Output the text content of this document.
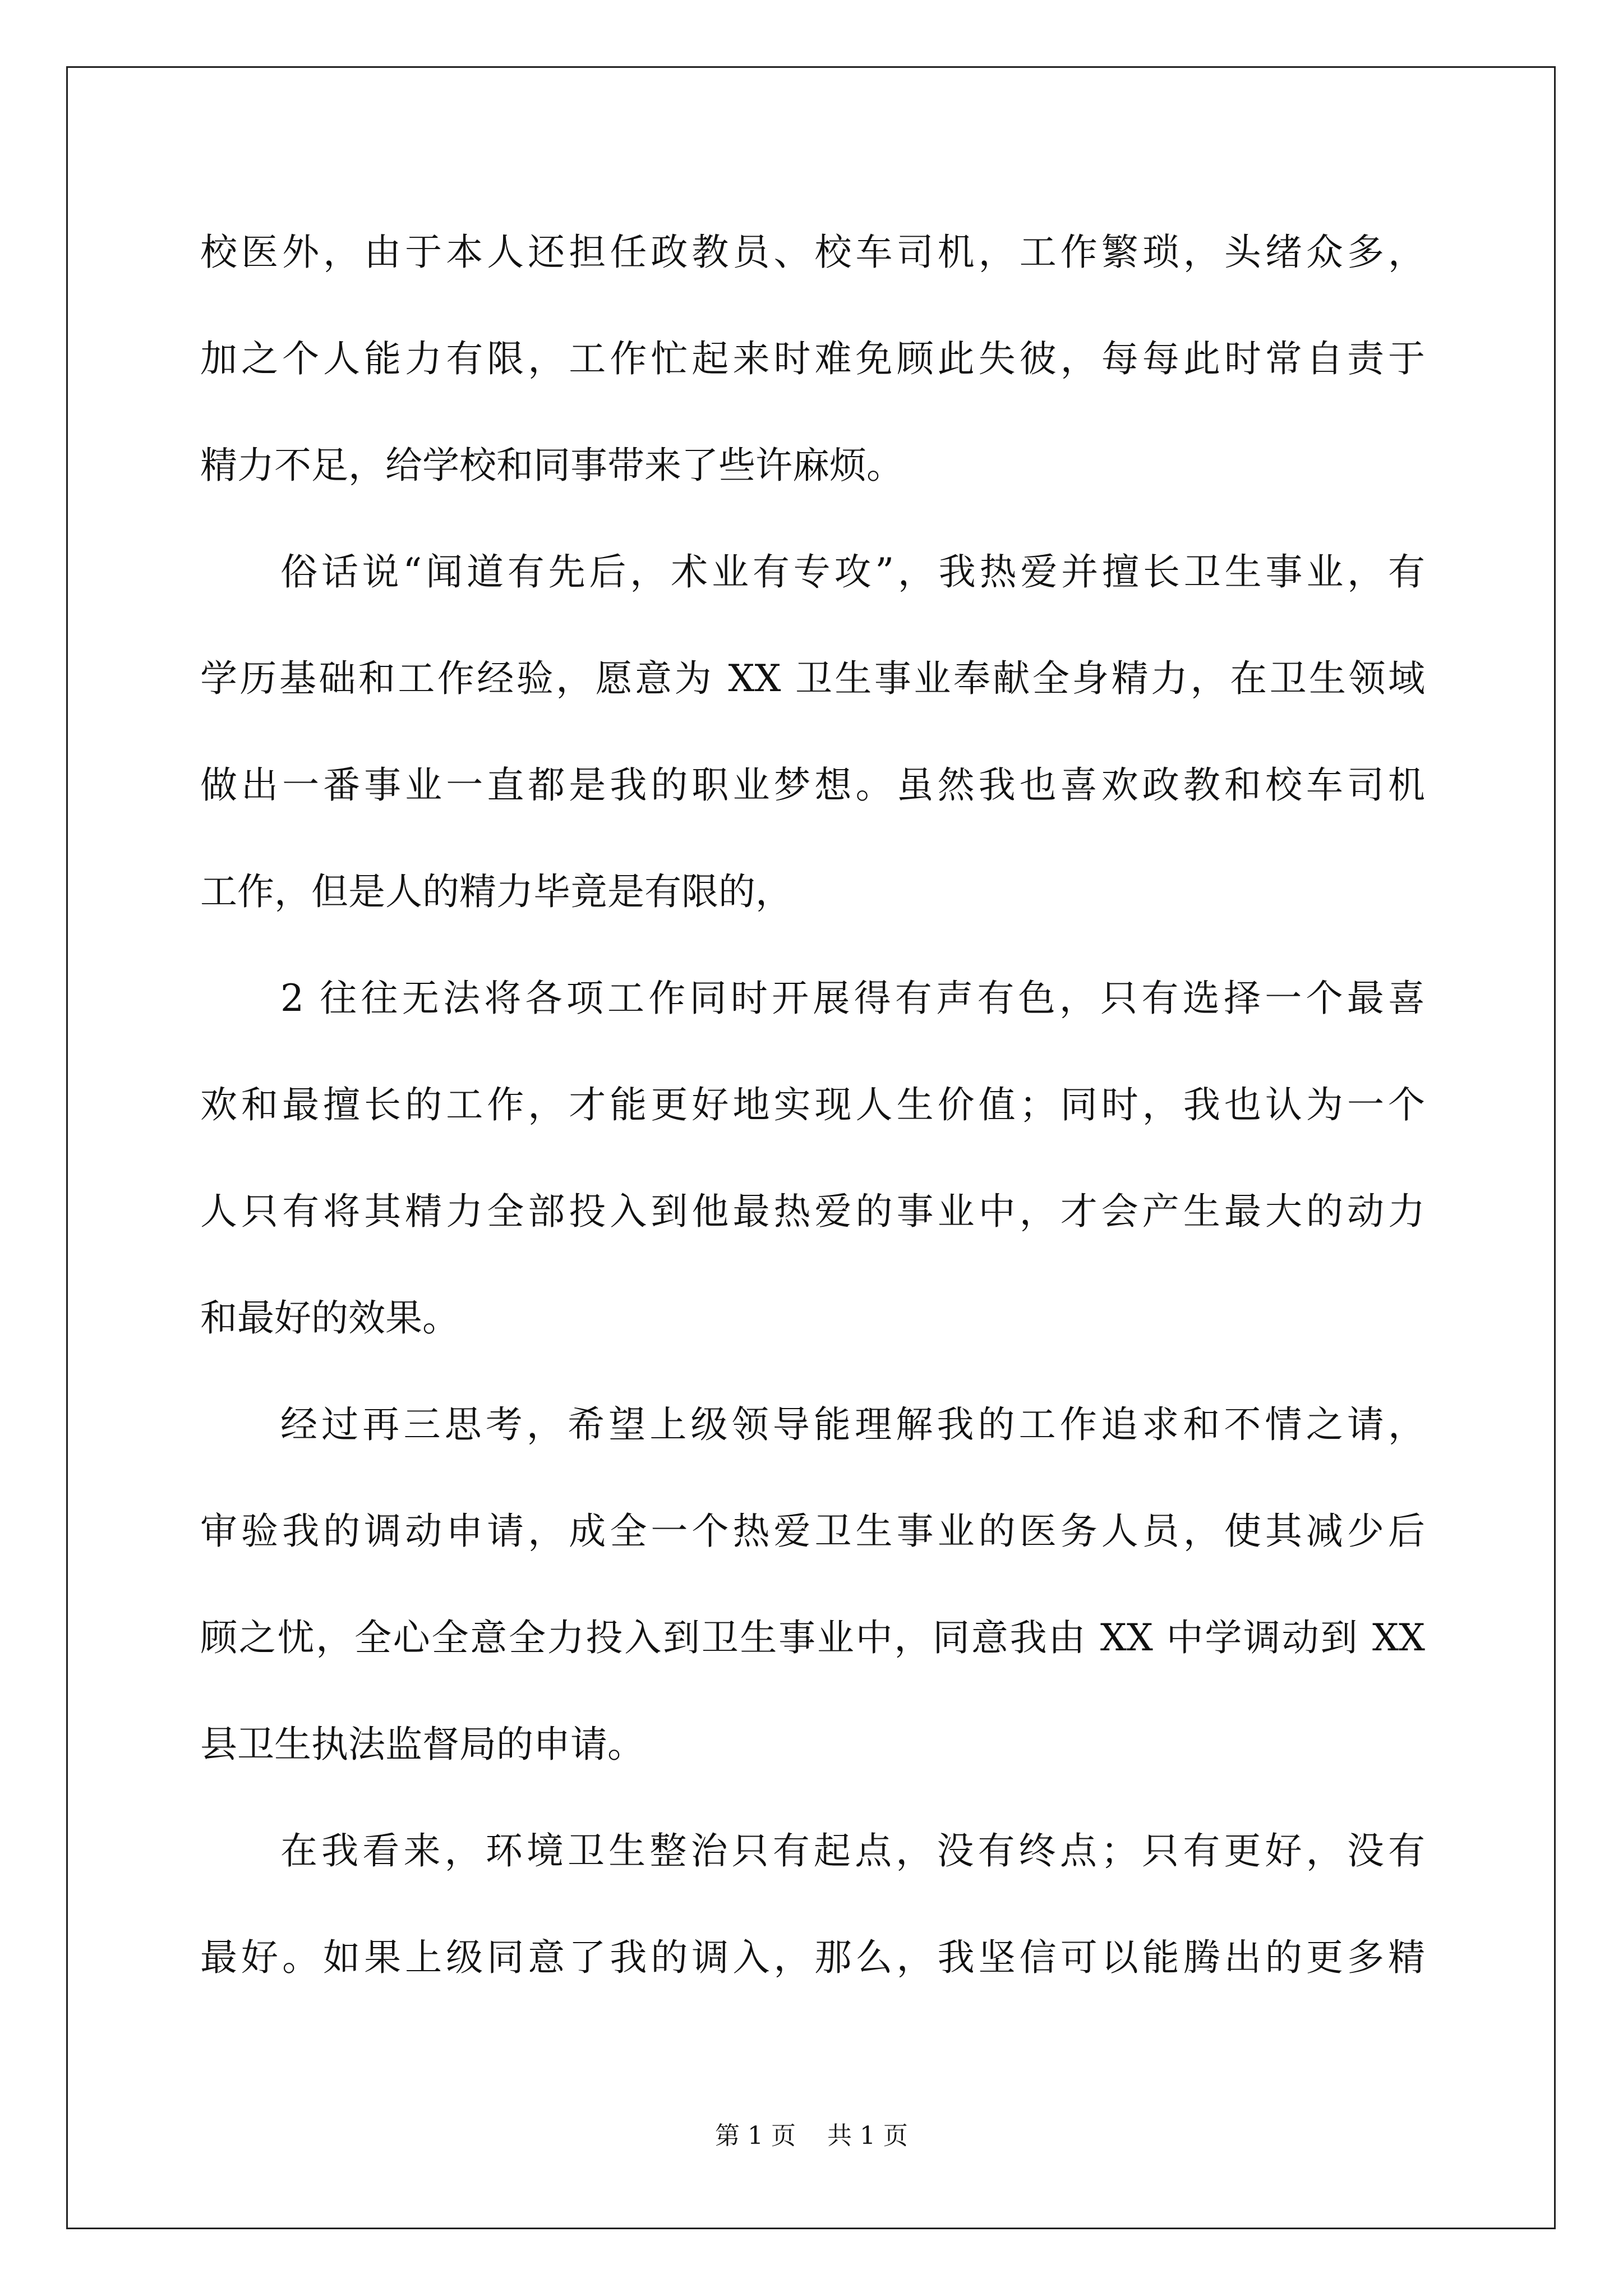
校医外，由于本人还担任政教员、校车司机，工作繁琐，头绪众多，
加之个人能力有限，工作忙起来时难免顾此失彼，每每此时常自责于
精力不足，给学校和同事带来了些许麻烦。
俗话说“闻道有先后，术业有专攻”，我热爱并擅长卫生事业，有
学历基础和工作经验，愿意为 XX 卫生事业奉献全身精力，在卫生领域
做出一番事业一直都是我的职业梦想。虽然我也喜欢政教和校车司机
工作，但是人的精力毕竟是有限的，
2 往往无法将各项工作同时开展得有声有色，只有选择一个最喜
欢和最擅长的工作，才能更好地实现人生价值；同时，我也认为一个
人只有将其精力全部投入到他最热爱的事业中，才会产生最大的动力
和最好的效果。
经过再三思考，希望上级领导能理解我的工作追求和不情之请，
审验我的调动申请，成全一个热爱卫生事业的医务人员，使其减少后
顾之忧，全心全意全力投入到卫生事业中，同意我由 XX 中学调动到 XX
县卫生执法监督局的申请。
在我看来，环境卫生整治只有起点，没有终点；只有更好，没有
最好。如果上级同意了我的调入，那么，我坚信可以能腾出的更多精
第 1 页    共 1 页
